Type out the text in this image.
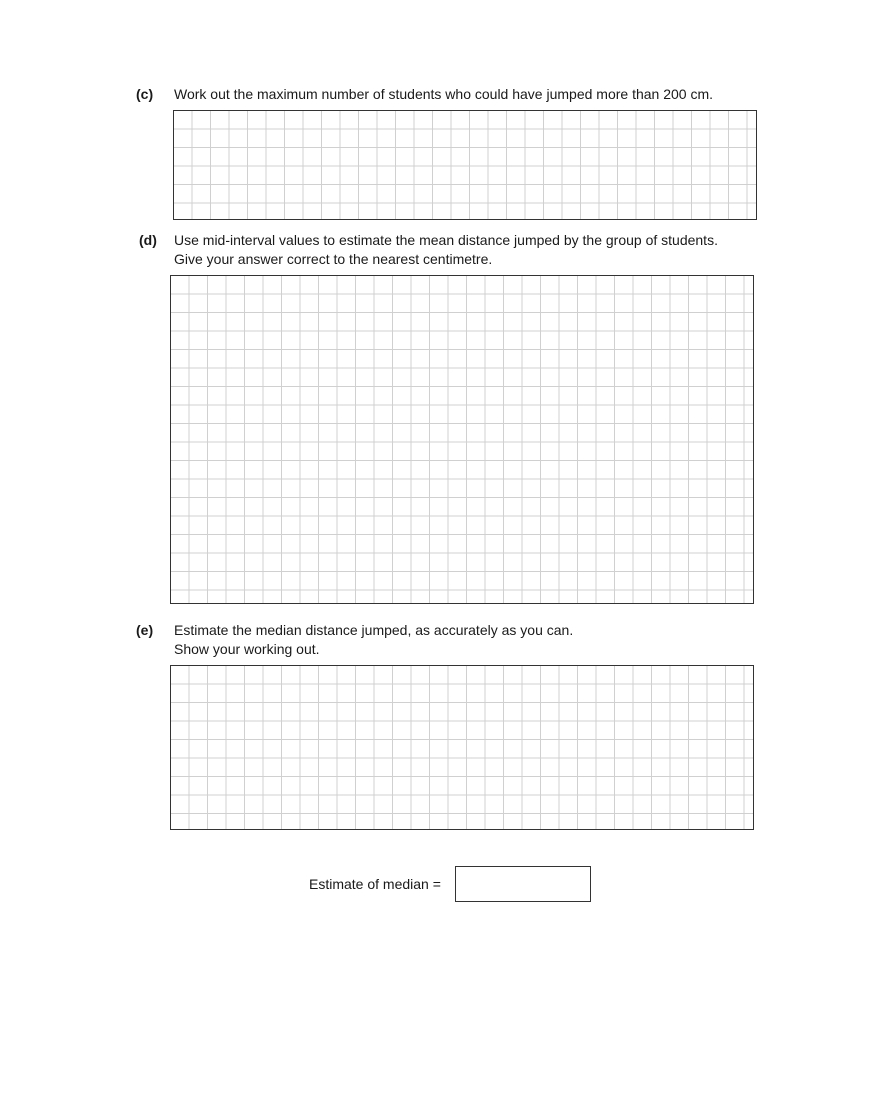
(c) Work out the maximum number of students who could have jumped more than 200 cm.
(d) Use mid-interval values to estimate the mean distance jumped by the group of students.
Give your answer correct to the nearest centimetre.
(e) Estimate the median distance jumped, as accurately as you can.
Show your working out.
Estimate of median =
